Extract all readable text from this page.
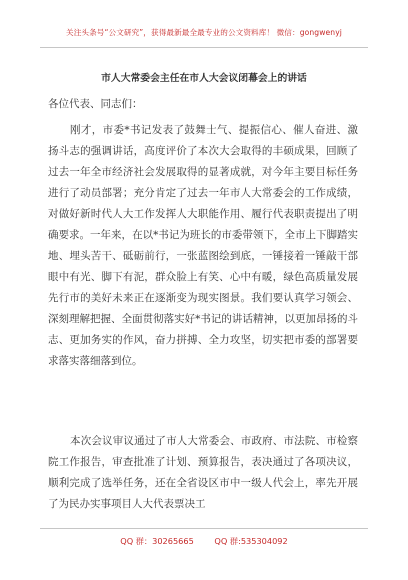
关注头条号“公文研究”，获得最新最全最专业的公文资料库！ 微信：gongwenyj
市人大常委会主任在市人大会议闭幕会上的讲话
各位代表、同志们：

刚才，市委*书记发表了鼓舞士气、提振信心、催人奋进、激扬斗志的强调讲话，高度评价了本次大会取得的丰硕成果，回顾了过去一年全市经济社会发展取得的显著成就，对今年主要目标任务进行了动员部署；充分肯定了过去一年市人大常委会的工作成绩，对做好新时代人大工作发挥人大职能作用、履行代表职责提出了明确要求。一年来，在以*书记为班长的市委带领下，全市上下脚踏实地、埋头苦干、砥砺前行，一张蓝图绘到底，一锤接着一锤敲干部眼中有光、脚下有泥，群众脸上有笑、心中有暖，绿色高质量发展先行市的美好未来正在逐渐变为现实图景。我们要认真学习领会、深刻理解把握、全面贯彻落实好*书记的讲话精神，以更加昂扬的斗志、更加务实的作风，奋力拼搏、全力攻坚，切实把市委的部署要求落实落细落到位。

本次会议审议通过了市人大常委会、市政府、市法院、市检察院工作报告，审查批准了计划、预算报告，表决通过了各项决议，顺利完成了选举任务，还在全省设区市中一级人代会上，率先开展了为民办实事项目人大代表票决工

QQ 群：30265665	QQ 群:535304092
